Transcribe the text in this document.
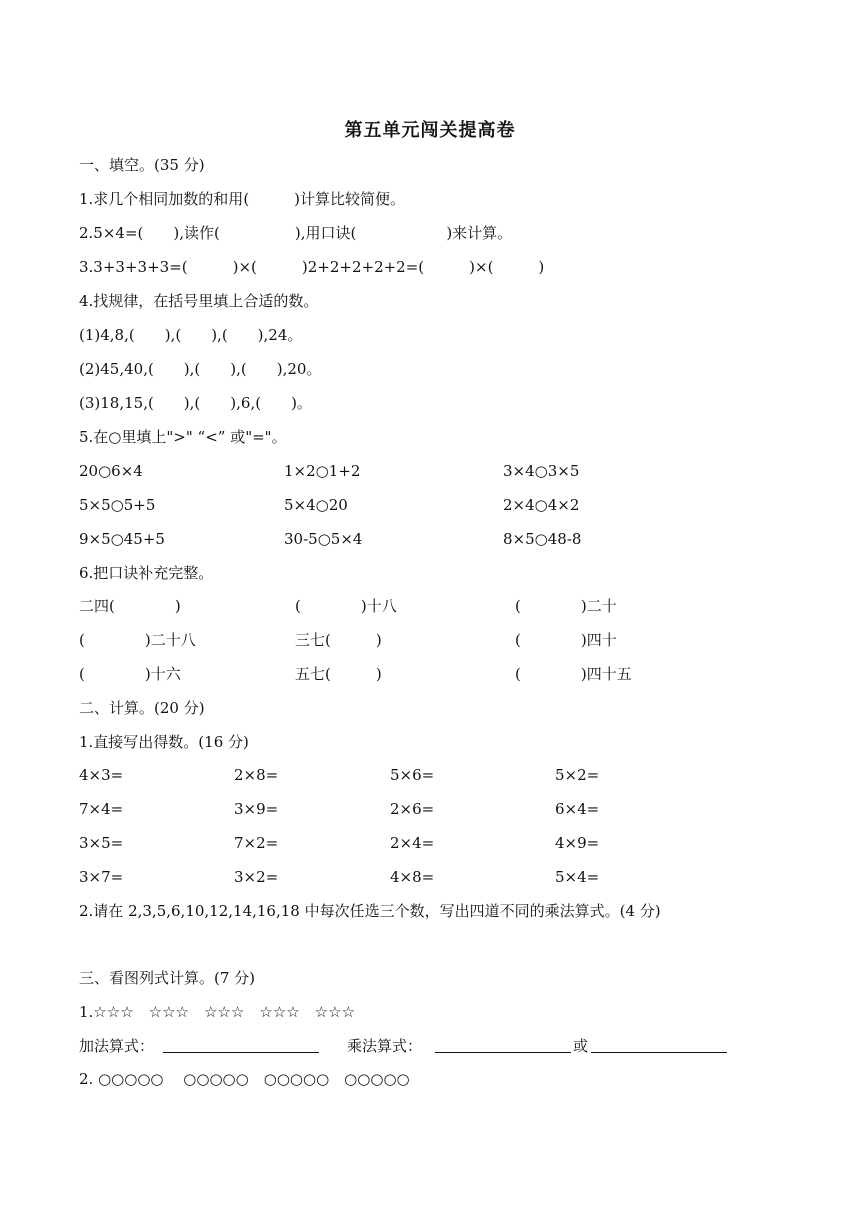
第五单元闯关提高卷
一、填空。(35 分)
1.求几个相同加数的和用(　　　)计算比较简便。
2.5×4=(　　),读作(　　　　　),用口诀(　　　　　　)来计算。
3.3+3+3+3=(　　　)×(　　　)2+2+2+2+2=(　　　)×(　　　)
4.找规律，在括号里填上合适的数。
(1)4,8,(　　),(　　),(　　),24。
(2)45,40,(　　),(　　),(　　),20。
(3)18,15,(　　),(　　),6,(　　)。
5.在○里填上">" “<” 或"="。
20○6×4	1×2○1+2	3×4○3×5
5×5○5+5	5×4○20	2×4○4×2
9×5○45+5	30-5○5×4	8×5○48-8
6.把口诀补充完整。
二四(　　　　)	(　　　　)十八	(　　　　)二十
(　　　　)二十八	三七(　　　)	(　　　　)四十
(　　　　)十六	五七(　　　)	(　　　　)四十五
二、计算。(20 分)
1.直接写出得数。(16 分)
4×3=	2×8=	5×6=	5×2=
7×4=	3×9=	2×6=	6×4=
3×5=	7×2=	2×4=	4×9=
3×7=	3×2=	4×8=	5×4=
2.请在 2,3,5,6,10,12,14,16,18 中每次任选三个数，写出四道不同的乘法算式。(4 分)
三、看图列式计算。(7 分)
1.☆☆☆　☆☆☆　☆☆☆　☆☆☆　☆☆☆
加法算式：	乘法算式：	或
2. ○○○○○　 ○○○○○　○○○○○　○○○○○
